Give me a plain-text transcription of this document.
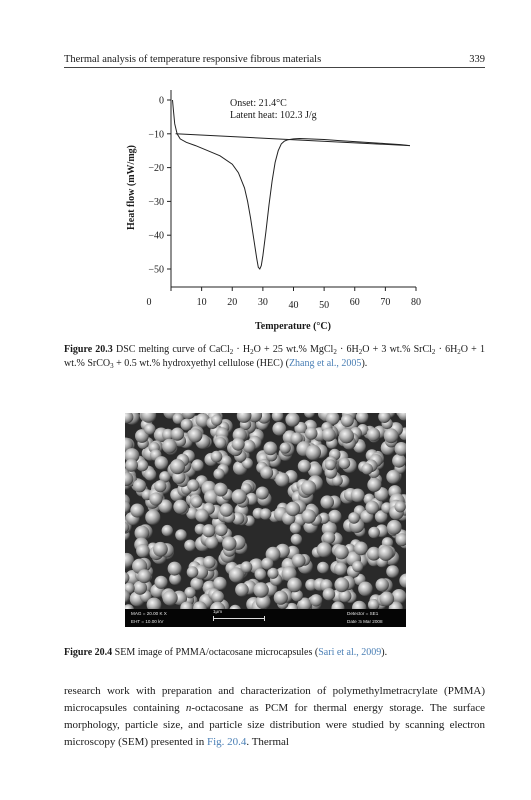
Thermal analysis of temperature responsive fibrous materials	339
0
−10
−20
−30
−40
−50
0	10 20 30 40 50 60 70 80
Onset: 21.4°C
Latent heat: 102.3 J/g
Heat flow (mW/mg)
Temperature (°C)
Figure 20.3 DSC melting curve of CaCl$_2$ · $H_2O + 25$ wt.% MgCl$_2$ · $6H_2O + 3$ wt.% SrCl$_2$ · $6H_2O + 1$ wt.% SrCO$_3$ + 0.5 wt.% hydroxyethyl cellulose (HEC) (Zhang et al., 2005).
MAG = 20.00 K X
EHT = 10.00 kV
1μm	Detector = SE1
Date :5 Mar 2008
Figure 20.4 SEM image of PMMA/octacosane microcapsules (Sari et al., 2009).
research work with preparation and characterization of polymethylmetracrylate (PMMA) microcapsules containing n-octacosane as PCM for thermal energy storage. The surface morphology, particle size, and particle size distribution were studied by scanning electron microscopy (SEM) presented in Fig. 20.4. Thermal
